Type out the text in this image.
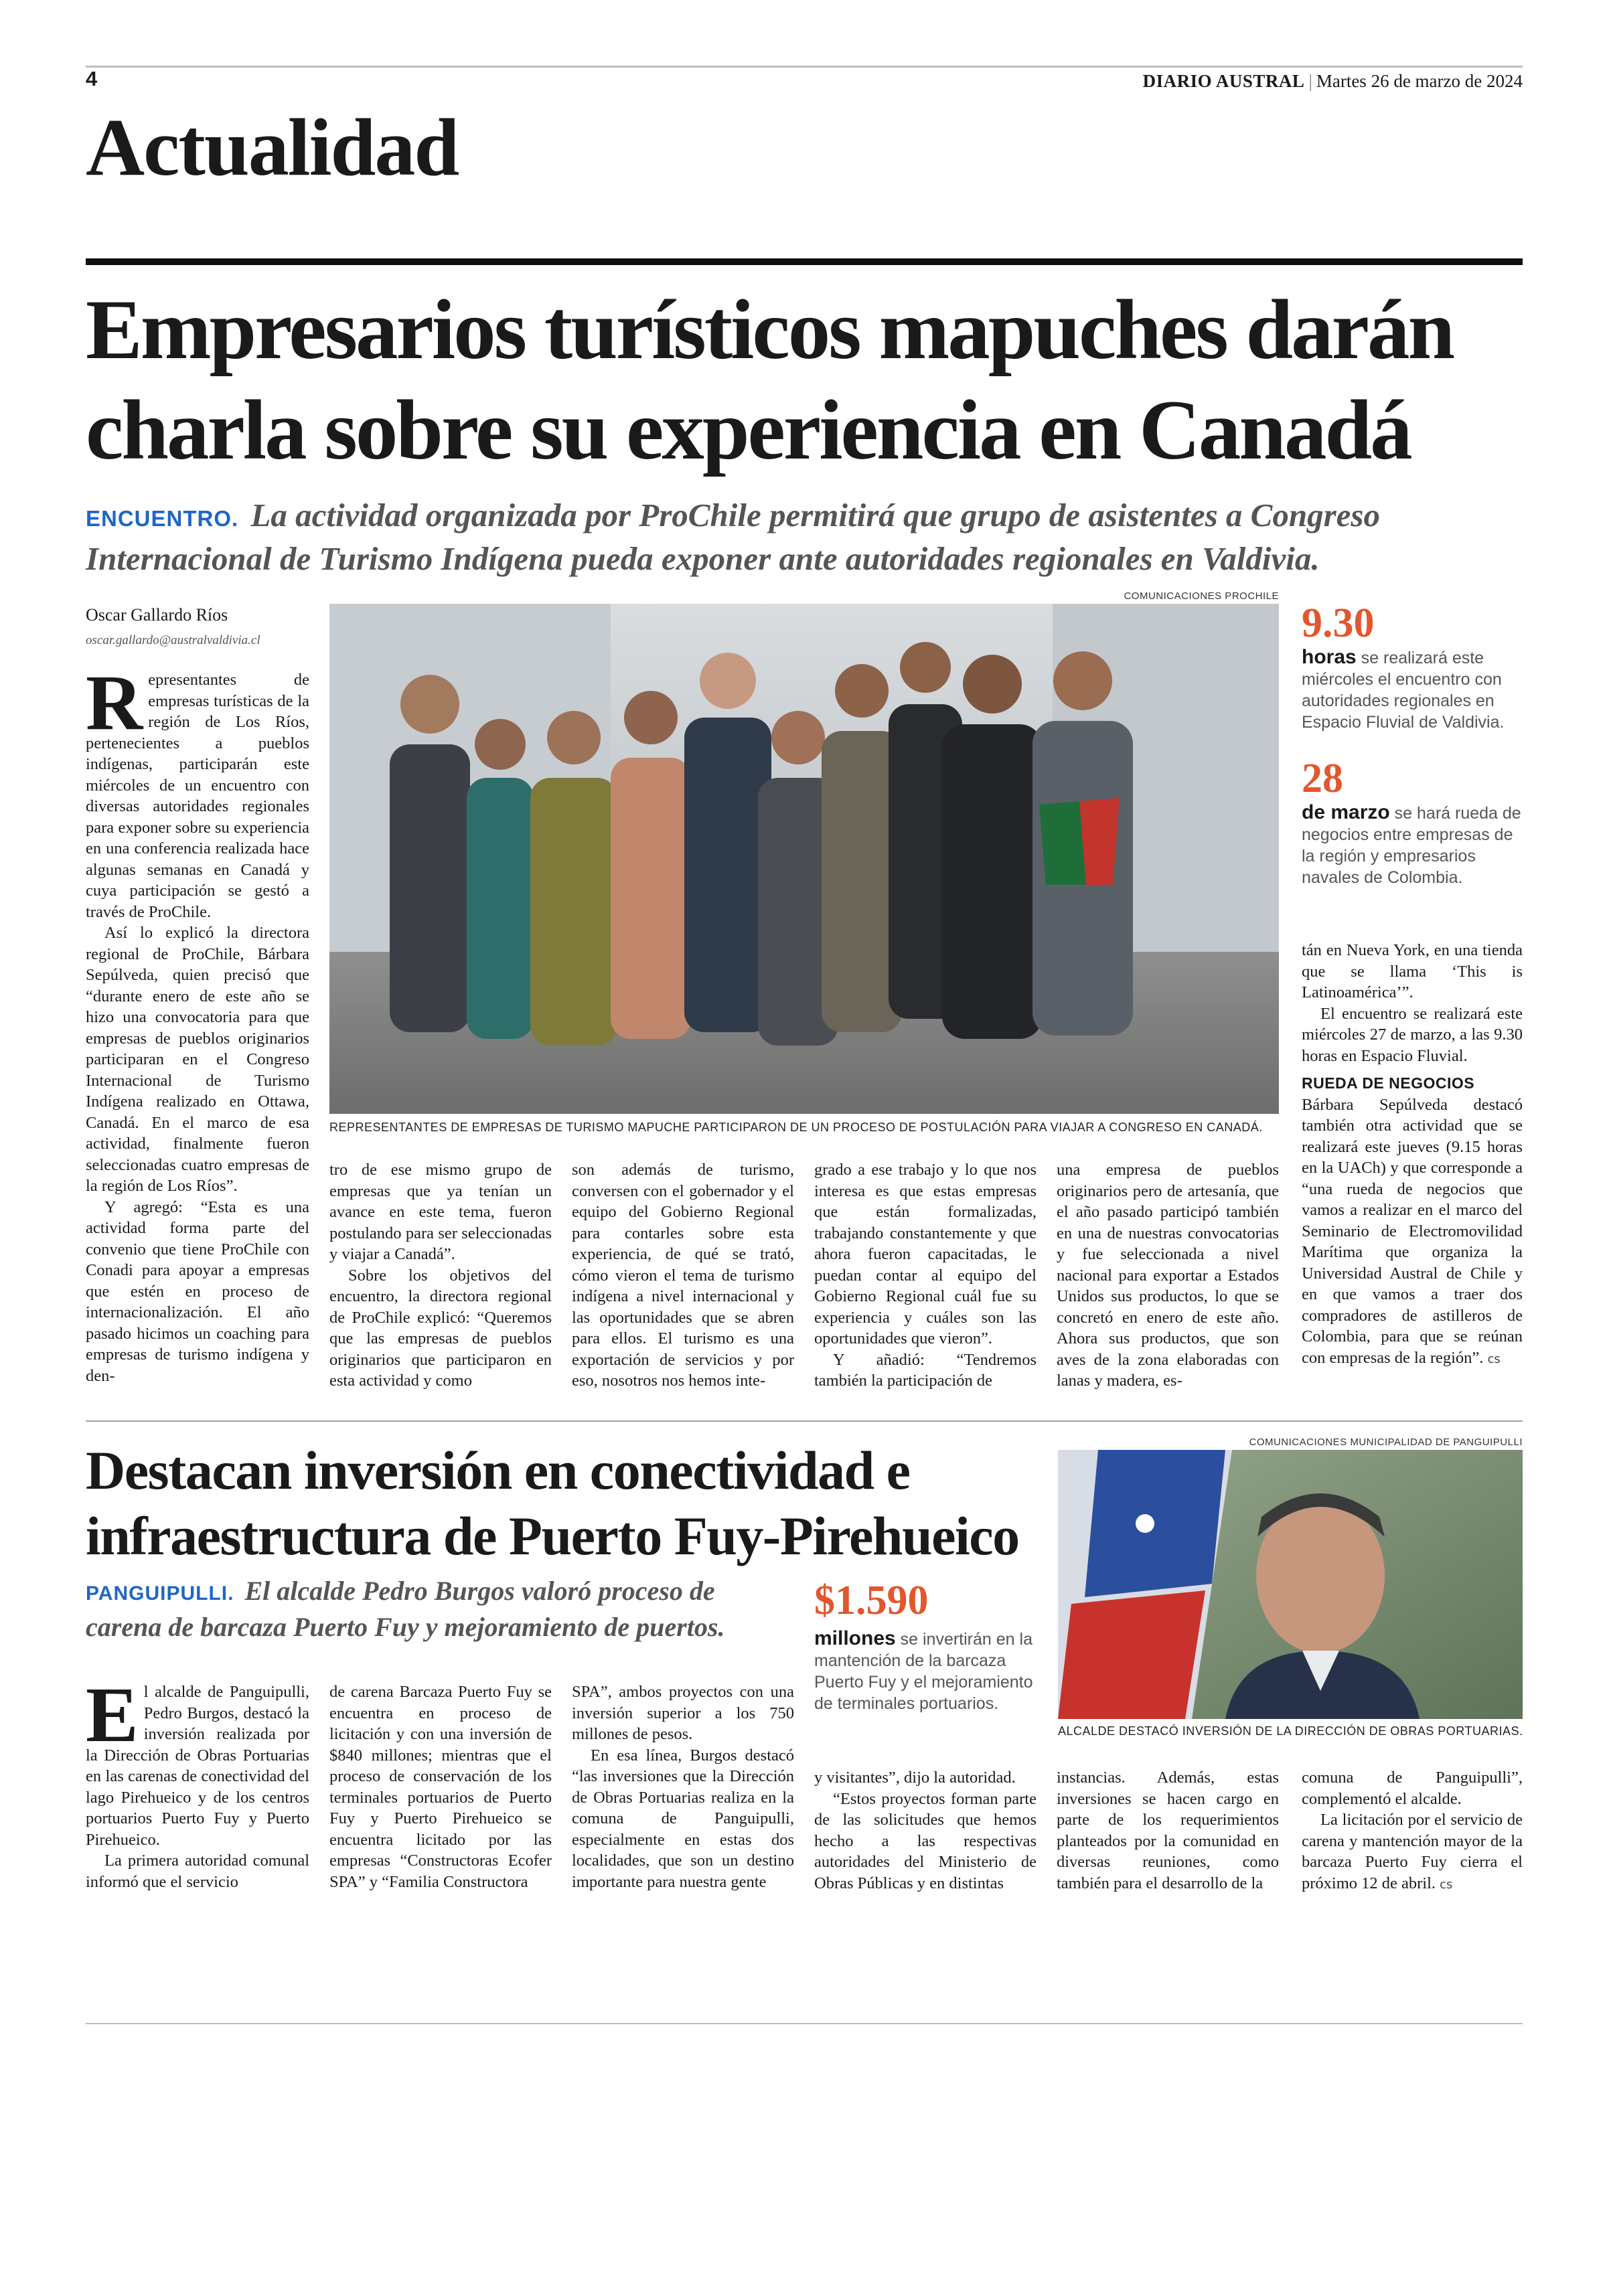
4	DIARIO AUSTRAL | Martes 26 de marzo de 2024
Actualidad
Empresarios turísticos mapuches darán charla sobre su experiencia en Canadá
ENCUENTRO. La actividad organizada por ProChile permitirá que grupo de asistentes a Congreso Internacional de Turismo Indígena pueda exponer ante autoridades regionales en Valdivia.
Oscar Gallardo Ríos
oscar.gallardo@australvaldivia.cl
COMUNICACIONES PROCHILE
REPRESENTANTES DE EMPRESAS DE TURISMO MAPUCHE PARTICIPARON DE UN PROCESO DE POSTULACIÓN PARA VIAJAR A CONGRESO EN CANADÁ.
9.30
horas se realizará este miércoles el encuentro con autoridades regionales en Espacio Fluvial de Valdivia.
28
de marzo se hará rueda de negocios entre empresas de la región y empresarios navales de Colombia.

Representantes de empresas turísticas de la región de Los Ríos, pertenecientes a pueblos indígenas, participarán este miércoles de un encuentro con diversas autoridades regionales para exponer sobre su experiencia en una conferencia realizada hace algunas semanas en Canadá y cuya participación se gestó a través de ProChile.

Así lo explicó la directora regional de ProChile, Bárbara Sepúlveda, quien precisó que “durante enero de este año se hizo una convocatoria para que empresas de pueblos originarios participaran en el Congreso Internacional de Turismo Indígena realizado en Ottawa, Canadá. En el marco de esa actividad, finalmente fueron seleccionadas cuatro empresas de la región de Los Ríos”.

Y agregó: “Esta es una actividad forma parte del convenio que tiene ProChile con Conadi para apoyar a empresas que estén en proceso de internacionalización. El año pasado hicimos un coaching para empresas de turismo indígena y den-

tro de ese mismo grupo de empresas que ya tenían un avance en este tema, fueron postulando para ser seleccionadas y viajar a Canadá”.

Sobre los objetivos del encuentro, la directora regional de ProChile explicó: “Queremos que las empresas de pueblos originarios que participaron en esta actividad y como

son además de turismo, conversen con el gobernador y el equipo del Gobierno Regional para contarles sobre esta experiencia, de qué se trató, cómo vieron el tema de turismo indígena a nivel internacional y las oportunidades que se abren para ellos. El turismo es una exportación de servicios y por eso, nosotros nos hemos inte-

grado a ese trabajo y lo que nos interesa es que estas empresas que están formalizadas, trabajando constantemente y que ahora fueron capacitadas, le puedan contar al equipo del Gobierno Regional cuál fue su experiencia y cuáles son las oportunidades que vieron”.

Y añadió: “Tendremos también la participación de

una empresa de pueblos originarios pero de artesanía, que el año pasado participó también en una de nuestras convocatorias y fue seleccionada a nivel nacional para exportar a Estados Unidos sus productos, lo que se concretó en enero de este año. Ahora sus productos, que son aves de la zona elaboradas con lanas y madera, es-

tán en Nueva York, en una tienda que se llama ‘This is Latinoamérica’”.

El encuentro se realizará este miércoles 27 de marzo, a las 9.30 horas en Espacio Fluvial.

RUEDA DE NEGOCIOS

Bárbara Sepúlveda destacó también otra actividad que se realizará este jueves (9.15 horas en la UACh) y que corresponde a “una rueda de negocios que vamos a realizar en el marco del Seminario de Electromovilidad Marítima que organiza la Universidad Austral de Chile y en que vamos a traer dos compradores de astilleros de Colombia, para que se reúnan con empresas de la región”. cs

Destacan inversión en conectividad e infraestructura de Puerto Fuy-Pirehueico
PANGUIPULLI. El alcalde Pedro Burgos valoró proceso de carena de barcaza Puerto Fuy y mejoramiento de puertos.
$1.590
millones se invertirán en la mantención de la barcaza Puerto Fuy y el mejoramiento de terminales portuarios.
COMUNICACIONES MUNICIPALIDAD DE PANGUIPULLI
ALCALDE DESTACÓ INVERSIÓN DE LA DIRECCIÓN DE OBRAS PORTUARIAS.

El alcalde de Panguipulli, Pedro Burgos, destacó la inversión realizada por la Dirección de Obras Portuarias en las carenas de conectividad del lago Pirehueico y de los centros portuarios Puerto Fuy y Puerto Pirehueico.

La primera autoridad comunal informó que el servicio

de carena Barcaza Puerto Fuy se encuentra en proceso de licitación y con una inversión de $840 millones; mientras que el proceso de conservación de los terminales portuarios de Puerto Fuy y Puerto Pirehueico se encuentra licitado por las empresas “Constructoras Ecofer SPA” y “Familia Constructora

SPA”, ambos proyectos con una inversión superior a los 750 millones de pesos.

En esa línea, Burgos destacó “las inversiones que la Dirección de Obras Portuarias realiza en la comuna de Panguipulli, especialmente en estas dos localidades, que son un destino importante para nuestra gente

y visitantes”, dijo la autoridad.

“Estos proyectos forman parte de las solicitudes que hemos hecho a las respectivas autoridades del Ministerio de Obras Públicas y en distintas

instancias. Además, estas inversiones se hacen cargo en parte de los requerimientos planteados por la comunidad en diversas reuniones, como también para el desarrollo de la

comuna de Panguipulli”, complementó el alcalde.

La licitación por el servicio de carena y mantención mayor de la barcaza Puerto Fuy cierra el próximo 12 de abril. cs
